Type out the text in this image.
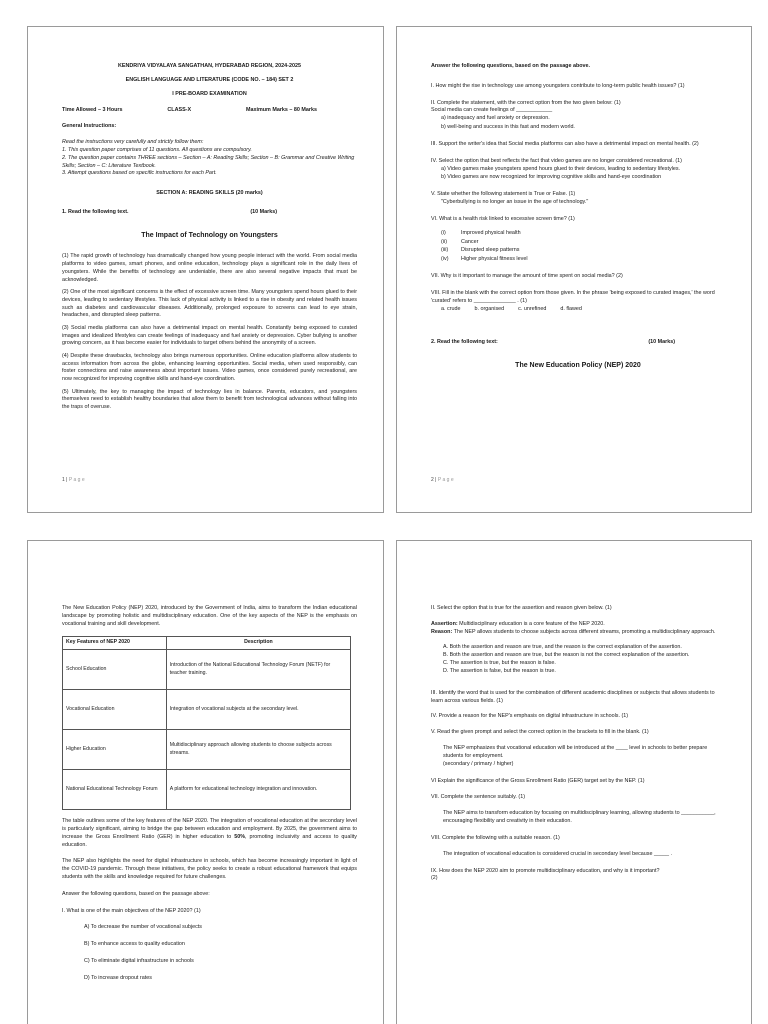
KENDRIYA VIDYALAYA SANGATHAN, HYDERABAD REGION, 2024-2025

ENGLISH LANGUAGE AND LITERATURE (CODE NO. – 184) SET 2

I PRE-BOARD EXAMINATION

Time Allowed – 3 Hours	CLASS-X	Maximum Marks – 80 Marks

General Instructions:

Read the instructions very carefully and strictly follow them:
1. This question paper comprises of 11 questions. All questions are compulsory.
2. The question paper contains THREE sections – Section – A: Reading Skills; Section – B: Grammar and Creative Writing Skills; Section – C: Literature Textbook.
3. Attempt questions based on specific instructions for each Part.

SECTION A: READING SKILLS (20 marks)

1. Read the following text.	(10 Marks)
The Impact of Technology on Youngsters

(1) The rapid growth of technology has dramatically changed how young people interact with the world. From social media platforms to video games, smart phones, and online education, technology plays a significant role in the daily lives of youngsters. While the benefits of technology are undeniable, there are also several negative impacts that must be acknowledged.

(2) One of the most significant concerns is the effect of excessive screen time. Many youngsters spend hours glued to their devices, leading to sedentary lifestyles. This lack of physical activity is linked to a rise in obesity and related health issues such as diabetes and cardiovascular diseases. Additionally, prolonged exposure to screens can lead to eye strain, headaches, and disrupted sleep patterns.

(3) Social media platforms can also have a detrimental impact on mental health. Constantly being exposed to curated images and idealized lifestyles can create feelings of inadequacy and fuel anxiety or depression. Cyber bullying is another growing concern, as it has become easier for individuals to target others behind the anonymity of a screen.

(4) Despite these drawbacks, technology also brings numerous opportunities. Online education platforms allow students to access information from across the globe, enhancing learning opportunities. Social media, when used responsibly, can foster connections and raise awareness about important issues. Video games, once considered purely recreational, are now recognized for improving cognitive skills and hand-eye coordination.

(5) Ultimately, the key to managing the impact of technology lies in balance. Parents, educators, and youngsters themselves need to establish healthy boundaries that allow them to benefit from technological advances without falling into the traps of overuse.

1 | P a g e

Answer the following questions, based on the passage above.

I. How might the rise in technology use among youngsters contribute to long-term public health issues? (1)

II. Complete the statement, with the correct option from the two given below: (1)
Social media can create feelings of ____________
a) inadequacy and fuel anxiety or depression.
b) well-being and success in this fast and modern world.

III. Support the writer's idea that Social media platforms can also have a detrimental impact on mental health. (2)

IV. Select the option that best reflects the fact that video games are no longer considered recreational. (1)
a) Video games make youngsters spend hours glued to their devices, leading to sedentary lifestyles.
b) Video games are now recognized for improving cognitive skills and hand-eye coordination
V. State whether the following statement is True or False. (1)
"Cyberbullying is no longer an issue in the age of technology."
VI. What is a health risk linked to excessive screen time? (1)
(i)	Improved physical health
(ii)	Cancer
(iii)	Disrupted sleep patterns
(iv)	Higher physical fitness level

VII. Why is it important to manage the amount of time spent on social media? (2)

VIII. Fill in the blank with the correct option from those given. In the phrase 'being exposed to curated images,' the word 'curated' refers to ______________ . (1)
a. crude	b. organised	c. unrefined	d. flawed
2. Read the following text:	(10 Marks)
The New Education Policy (NEP) 2020
2 | P a g e

The New Education Policy (NEP) 2020, introduced by the Government of India, aims to transform the Indian educational landscape by promoting holistic and multidisciplinary education. One of the key aspects of the NEP is the emphasis on vocational training and skill development.

Key Features of NEP 2020	Description
School Education	Introduction of the National Educational Technology Forum (NETF) for teacher training.
Vocational Education	Integration of vocational subjects at the secondary level.
Higher Education	Multidisciplinary approach allowing students to choose subjects across streams.
National Educational Technology Forum	A platform for educational technology integration and innovation.

The table outlines some of the key features of the NEP 2020. The integration of vocational education at the secondary level is particularly significant, aiming to bridge the gap between education and employment. By 2025, the government aims to increase the Gross Enrollment Ratio (GER) in higher education to 50%, promoting inclusivity and access to quality education.

The NEP also highlights the need for digital infrastructure in schools, which has become increasingly important in light of the COVID-19 pandemic. Through these initiatives, the policy seeks to create a robust educational framework that equips students with the skills and knowledge required for future challenges.

Answer the following questions, based on the passage above:

I. What is one of the main objectives of the NEP 2020? (1)

A) To decrease the number of vocational subjects

B) To enhance access to quality education

C) To eliminate digital infrastructure in schools

D) To increase dropout rates

II. Select the option that is true for the assertion and reason given below. (1)

Assertion: Multidisciplinary education is a core feature of the NEP 2020.
Reason: The NEP allows students to choose subjects across different streams, promoting a multidisciplinary approach.
A. Both the assertion and reason are true, and the reason is the correct explanation of the assertion.
B. Both the assertion and reason are true, but the reason is not the correct explanation of the assertion.
C. The assertion is true, but the reason is false.
D. The assertion is false, but the reason is true.

III. Identify the word that is used for the combination of different academic disciplines or subjects that allows students to learn across various fields. (1)

IV. Provide a reason for the NEP's emphasis on digital infrastructure in schools. (1)

V. Read the given prompt and select the correct option in the brackets to fill in the blank. (1)

The NEP emphasizes that vocational education will be introduced at the ____ level in schools to better prepare students for employment.
(secondary / primary / higher)

VI Explain the significance of the Gross Enrollment Ratio (GER) target set by the NEP. (1)

VII. Complete the sentence suitably. (1)

The NEP aims to transform education by focusing on multidisciplinary learning, allowing students to ___________, encouraging flexibility and creativity in their education.

VIII. Complete the following with a suitable reason. (1)

The integration of vocational education is considered crucial in secondary level because _____ .

IX. How does the NEP 2020 aim to promote multidisciplinary education, and why is it important?
(2)
